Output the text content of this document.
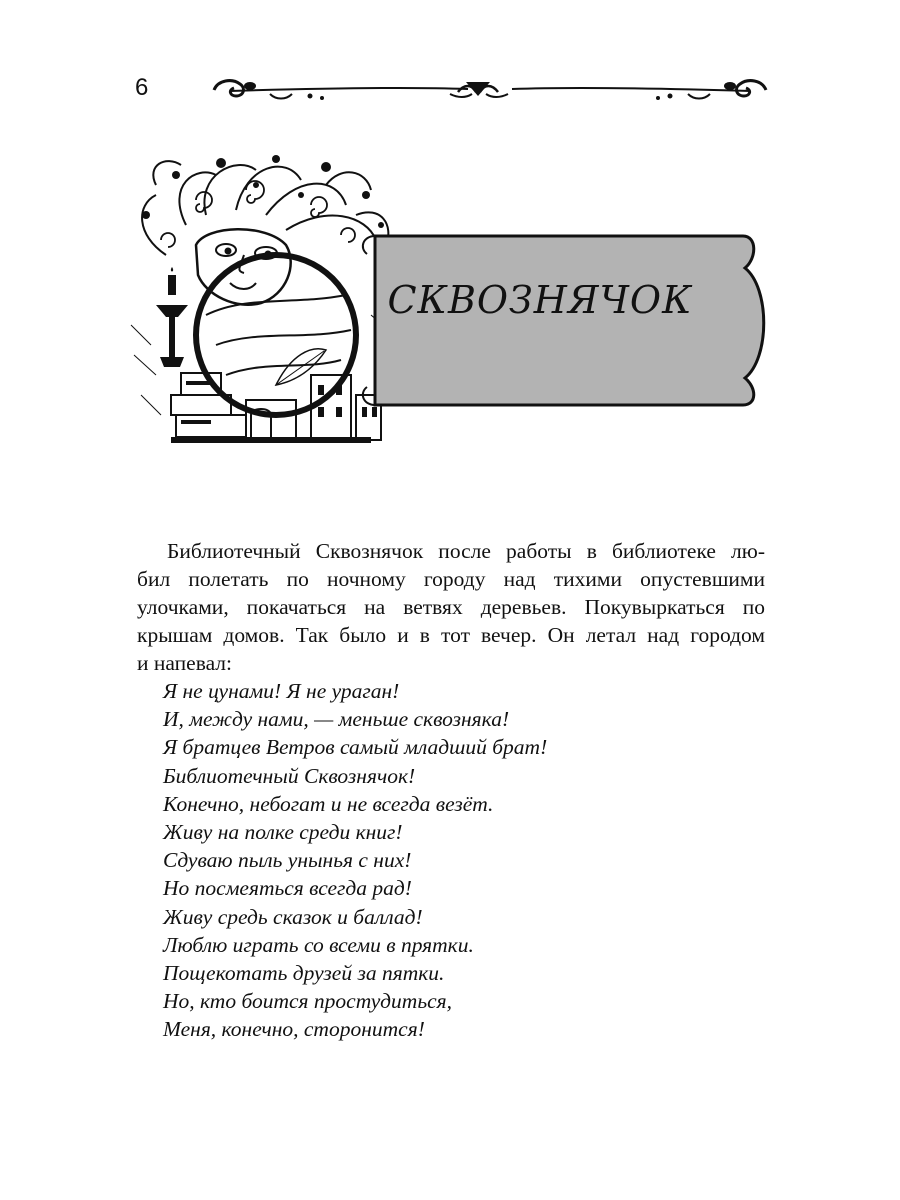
6
СКВОЗНЯЧОК
Библиотечный Сквознячок после работы в библиотеке лю-
бил полетать по ночному городу над тихими опустевшими
улочками, покачаться на ветвях деревьев. Покувыркаться по
крышам домов. Так было и в тот вечер. Он летал над городом
и напевал:
Я не цунами! Я не ураган!
И, между нами, — меньше сквозняка!
Я братцев Ветров самый младший брат!
Библиотечный Сквознячок!
Конечно, небогат и не всегда везёт.
Живу на полке среди книг!
Сдуваю пыль унынья с них!
Но посмеяться всегда рад!
Живу средь сказок и баллад!
Люблю играть со всеми в прятки.
Пощекотать друзей за пятки.
Но, кто боится простудиться,
Меня, конечно, сторонится!
